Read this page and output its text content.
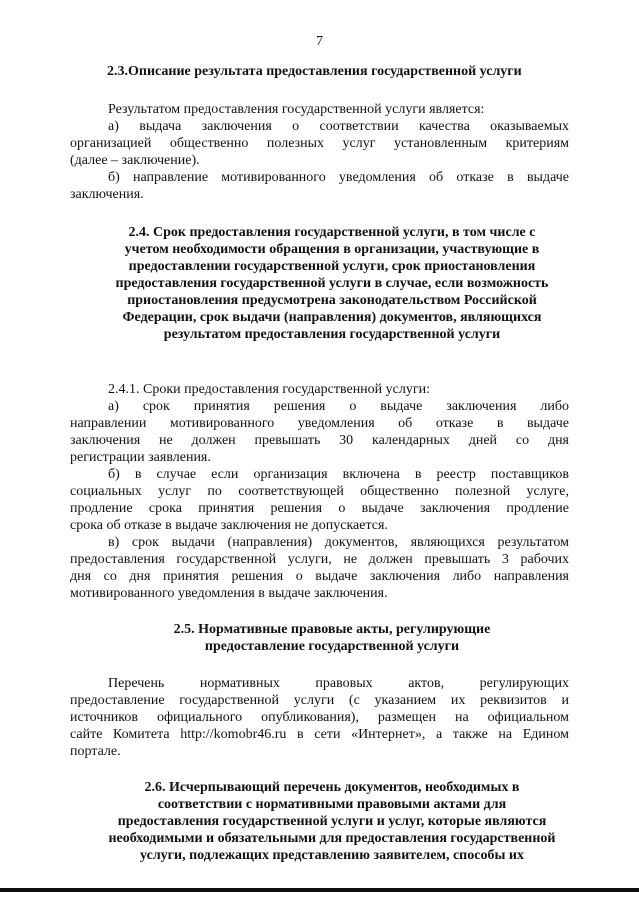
7
2.3.Описание результата предоставления государственной услуги
Результатом предоставления государственной услуги является:
а) выдача заключения о соответствии качества оказываемых
организацией общественно полезных услуг установленным критериям
(далее – заключение).
б) направление мотивированного уведомления об отказе в выдаче
заключения.
2.4. Срок предоставления государственной услуги, в том числе с
учетом необходимости обращения в организации, участвующие в
предоставлении государственной услуги, срок приостановления
предоставления государственной услуги в случае, если возможность
приостановления предусмотрена законодательством Российской
Федерации, срок выдачи (направления) документов, являющихся
результатом предоставления государственной услуги
2.4.1. Сроки предоставления государственной услуги:
а) срок принятия решения о выдаче заключения либо
направлении мотивированного уведомления об отказе в выдаче
заключения не должен превышать 30 календарных дней со дня
регистрации заявления.
б) в случае если организация включена в реестр поставщиков
социальных услуг по соответствующей общественно полезной услуге,
продление срока принятия решения о выдаче заключения продление
срока об отказе в выдаче заключения не допускается.
в) срок выдачи (направления) документов, являющихся результатом
предоставления государственной услуги, не должен превышать 3 рабочих
дня со дня принятия решения о выдаче заключения либо направления
мотивированного уведомления в выдаче заключения.
2.5. Нормативные правовые акты, регулирующие
предоставление государственной услуги
Перечень нормативных правовых актов, регулирующих
предоставление государственной услуги (с указанием их реквизитов и
источников официального опубликования), размещен на официальном
сайте Комитета http://komobr46.ru в сети «Интернет», а также на Едином
портале.
2.6. Исчерпывающий перечень документов, необходимых в
соответствии с нормативными правовыми актами для
предоставления государственной услуги и услуг, которые являются
необходимыми и обязательными для предоставления государственной
услуги, подлежащих представлению заявителем, способы их
